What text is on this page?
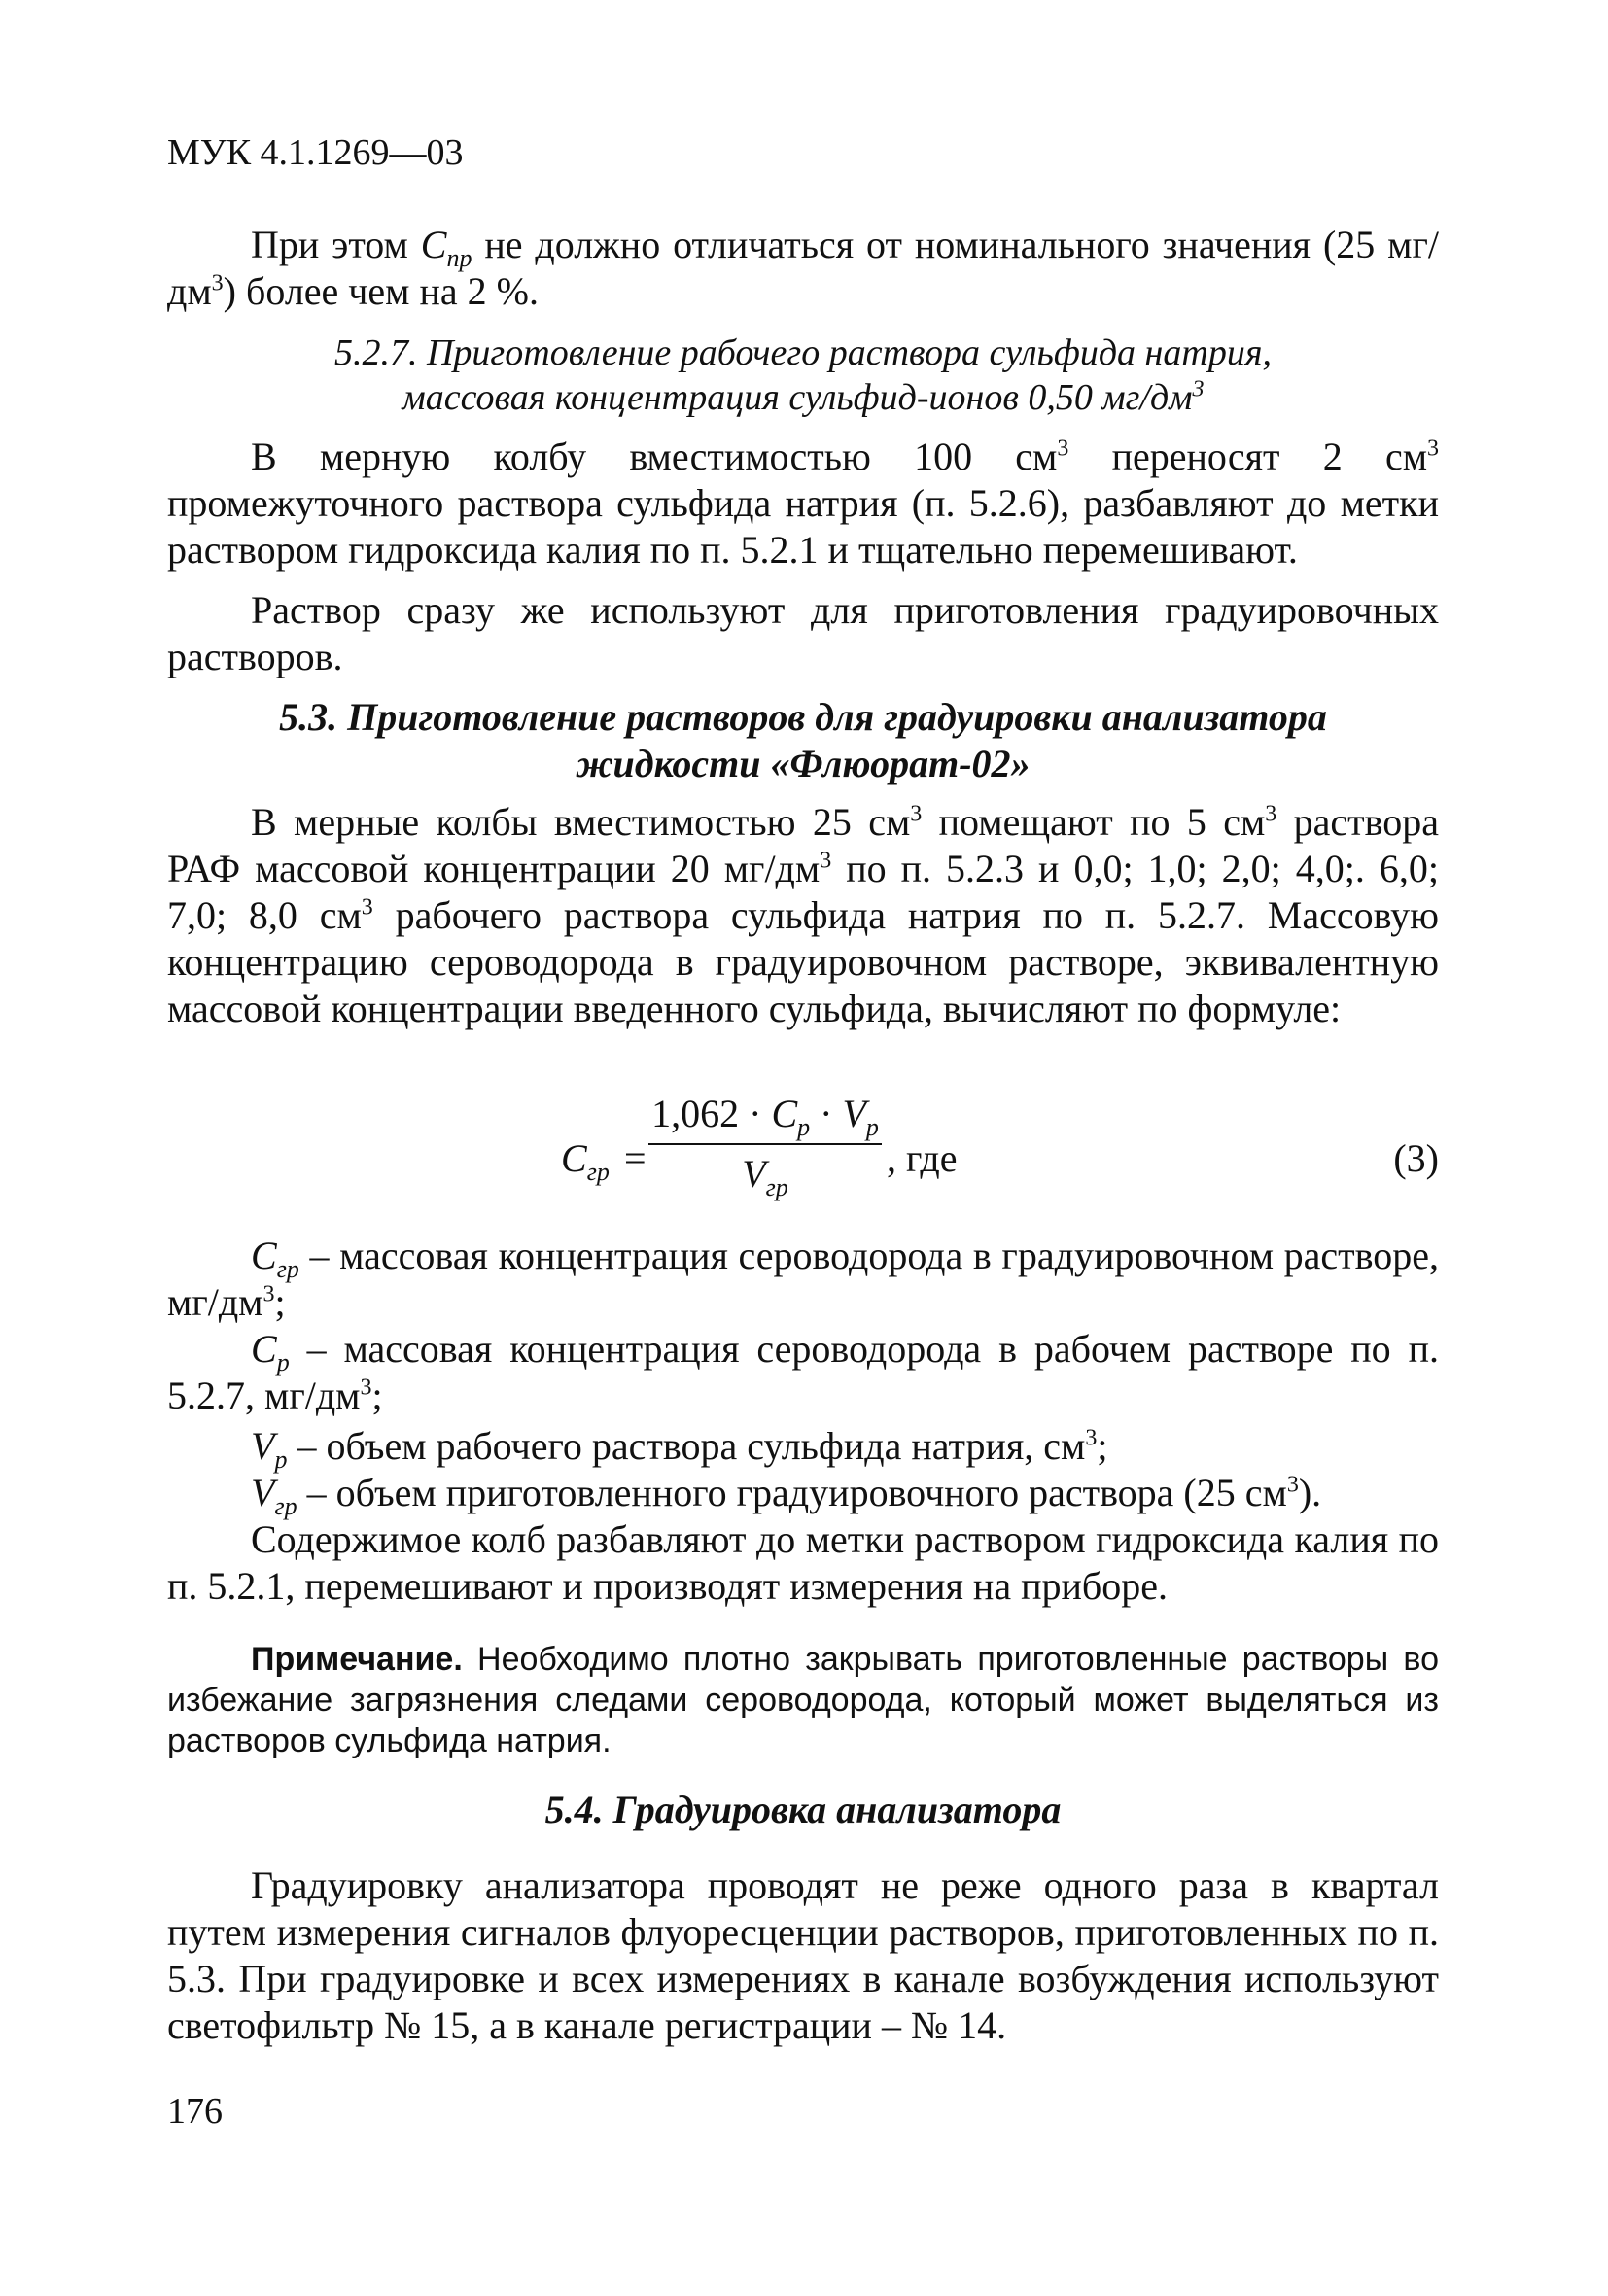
МУК 4.1.1269—03
При этом $C_{пр}$ не должно отличаться от номинального значения (25 $мг/дм^3$) более чем на 2 %.
5.2.7. Приготовление рабочего раствора сульфида натрия,
массовая концентрация сульфид-ионов 0,50 $мг/дм^3$
В мерную колбу вместимостью 100 $см^3$ переносят 2 $см^3$ промежуточного раствора сульфида натрия (п. 5.2.6), разбавляют до метки раствором гидроксида калия по п. 5.2.1 и тщательно перемешивают.
Раствор сразу же используют для приготовления градуировочных растворов.
5.3. Приготовление растворов для градуировки анализатора
жидкости «Флюорат-02»
В мерные колбы вместимостью 25 $см^3$ помещают по 5 $см^3$ раствора РАФ массовой концентрации 20 $мг/дм^3$ по п. 5.2.3 и 0,0; 1,0; 2,0; 4,0;. 6,0; 7,0; 8,0 $см^3$ рабочего раствора сульфида натрия по п. 5.2.7. Массовую концентрацию сероводорода в градуировочном растворе, эквивалентную массовой концентрации введенного сульфида, вычисляют по формуле:
$C_{гр}$ =
$1,062 \cdot C_p \cdot V_p$
$V_{гр}$
, где	(3)
$C_{гр}$ – массовая концентрация сероводорода в градуировочном растворе, $мг/дм^3$;
$C_p$ – массовая концентрация сероводорода в рабочем растворе по п. 5.2.7, $мг/дм^3$;
$V_p$ – объем рабочего раствора сульфида натрия, $см^3$;
$V_{гр}$ – объем приготовленного градуировочного раствора (25 $см^3$).
Содержимое колб разбавляют до метки раствором гидроксида калия по п. 5.2.1, перемешивают и производят измерения на приборе.
Примечание. Необходимо плотно закрывать приготовленные растворы во избежание загрязнения следами сероводорода, который может выделяться из растворов сульфида натрия.
5.4. Градуировка анализатора
Градуировку анализатора проводят не реже одного раза в квартал путем измерения сигналов флуоресценции растворов, приготовленных по п. 5.3. При градуировке и всех измерениях в канале возбуждения используют светофильтр № 15, а в канале регистрации – № 14.
176
